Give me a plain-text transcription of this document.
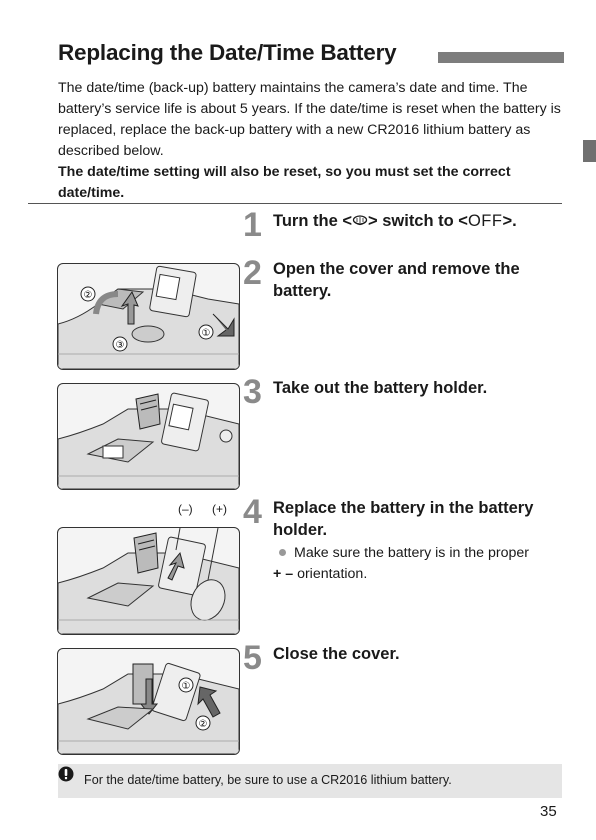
Replacing the Date/Time Battery

The date/time (back-up) battery maintains the camera’s date and time. The battery’s service life is about 5 years. If the date/time is reset when the battery is replaced, replace the back-up battery with a new CR2016 lithium battery as described below.

The date/time setting will also be reset, so you must set the correct date/time.

1 Turn the < > switch to <OFF>.
2 Open the cover and remove the battery.
3 Take out the battery holder.
4 Replace the battery in the battery holder.
Make sure the battery is in the proper
+ – orientation.
5 Close the cover.
②
③
①
(–) (+)
①
②
For the date/time battery, be sure to use a CR2016 lithium battery.
35
